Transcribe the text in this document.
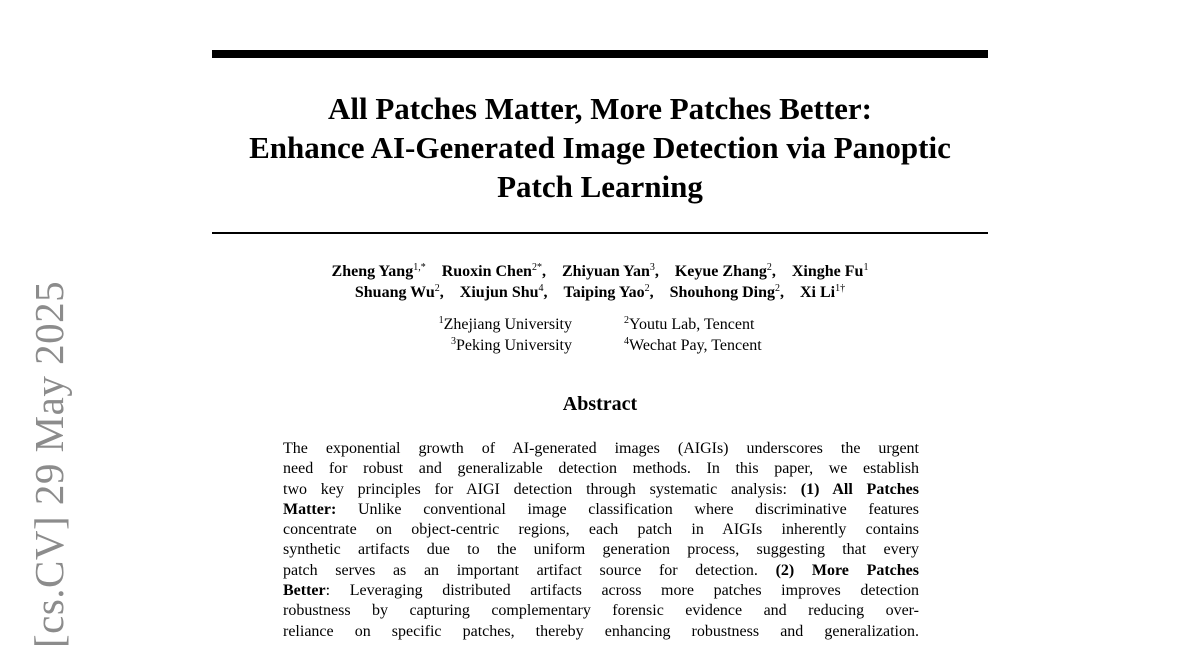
[cs.CV] 29 May 2025
All Patches Matter, More Patches Better:
Enhance AI-Generated Image Detection via Panoptic
Patch Learning
Zheng Yang$^{1,*}$ Ruoxin Chen$^{2*}$, Zhiyuan Yan$^3$, Keyue Zhang$^2$, Xinghe Fu$^1$
Shuang Wu$^2$, Xiujun Shu$^4$, Taiping Yao$^2$, Shouhong Ding$^2$, Xi $Li^{1\dagger}$
$^1$Zhejiang University	$^2$Youtu Lab, Tencent
$^3$Peking University	$^4$Wechat Pay, Tencent
Abstract
The exponential growth of AI-generated images (AIGIs) underscores the urgent
need for robust and generalizable detection methods. In this paper, we establish
two key principles for AIGI detection through systematic analysis: (1) All Patches
Matter: Unlike conventional image classification where discriminative features
concentrate on object-centric regions, each patch in AIGIs inherently contains
synthetic artifacts due to the uniform generation process, suggesting that every
patch serves as an important artifact source for detection. (2) More Patches
Better: Leveraging distributed artifacts across more patches improves detection
robustness by capturing complementary forensic evidence and reducing over-
reliance on specific patches, thereby enhancing robustness and generalization.
